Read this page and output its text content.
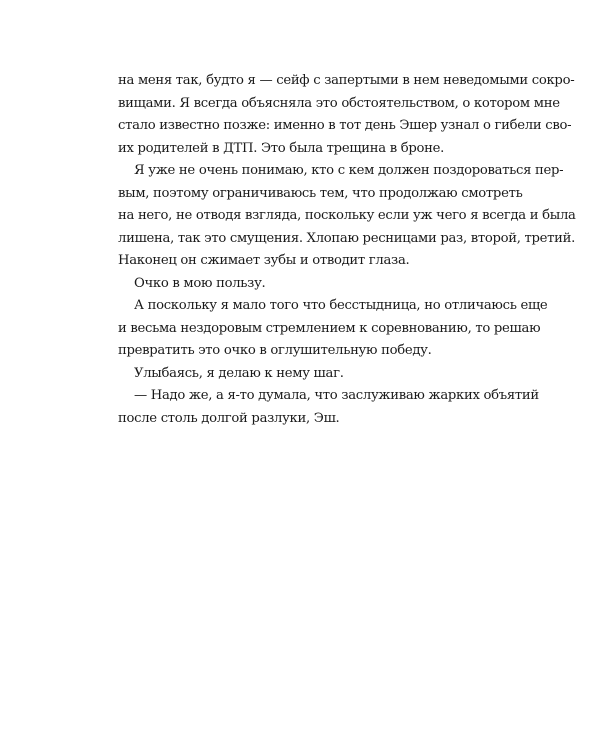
на меня так, будто я — сейф с запертыми в нем неведомыми сокро-
вищами. Я всегда объясняла это обстоятельством, о котором мне
стало известно позже: именно в тот день Эшер узнал о гибели сво-
их родителей в ДТП. Это была трещина в броне.
Я уже не очень понимаю, кто с кем должен поздороваться пер-
вым, поэтому ограничиваюсь тем, что продолжаю смотреть
на него, не отводя взгляда, поскольку если уж чего я всегда и была
лишена, так это смущения. Хлопаю ресницами раз, второй, третий.
Наконец он сжимает зубы и отводит глаза.
Очко в мою пользу.
А поскольку я мало того что бесстыдница, но отличаюсь еще
и весьма нездоровым стремлением к соревнованию, то решаю
превратить это очко в оглушительную победу.
Улыбаясь, я делаю к нему шаг.
— Надо же, а я-то думала, что заслуживаю жарких объятий
после столь долгой разлуки, Эш.
